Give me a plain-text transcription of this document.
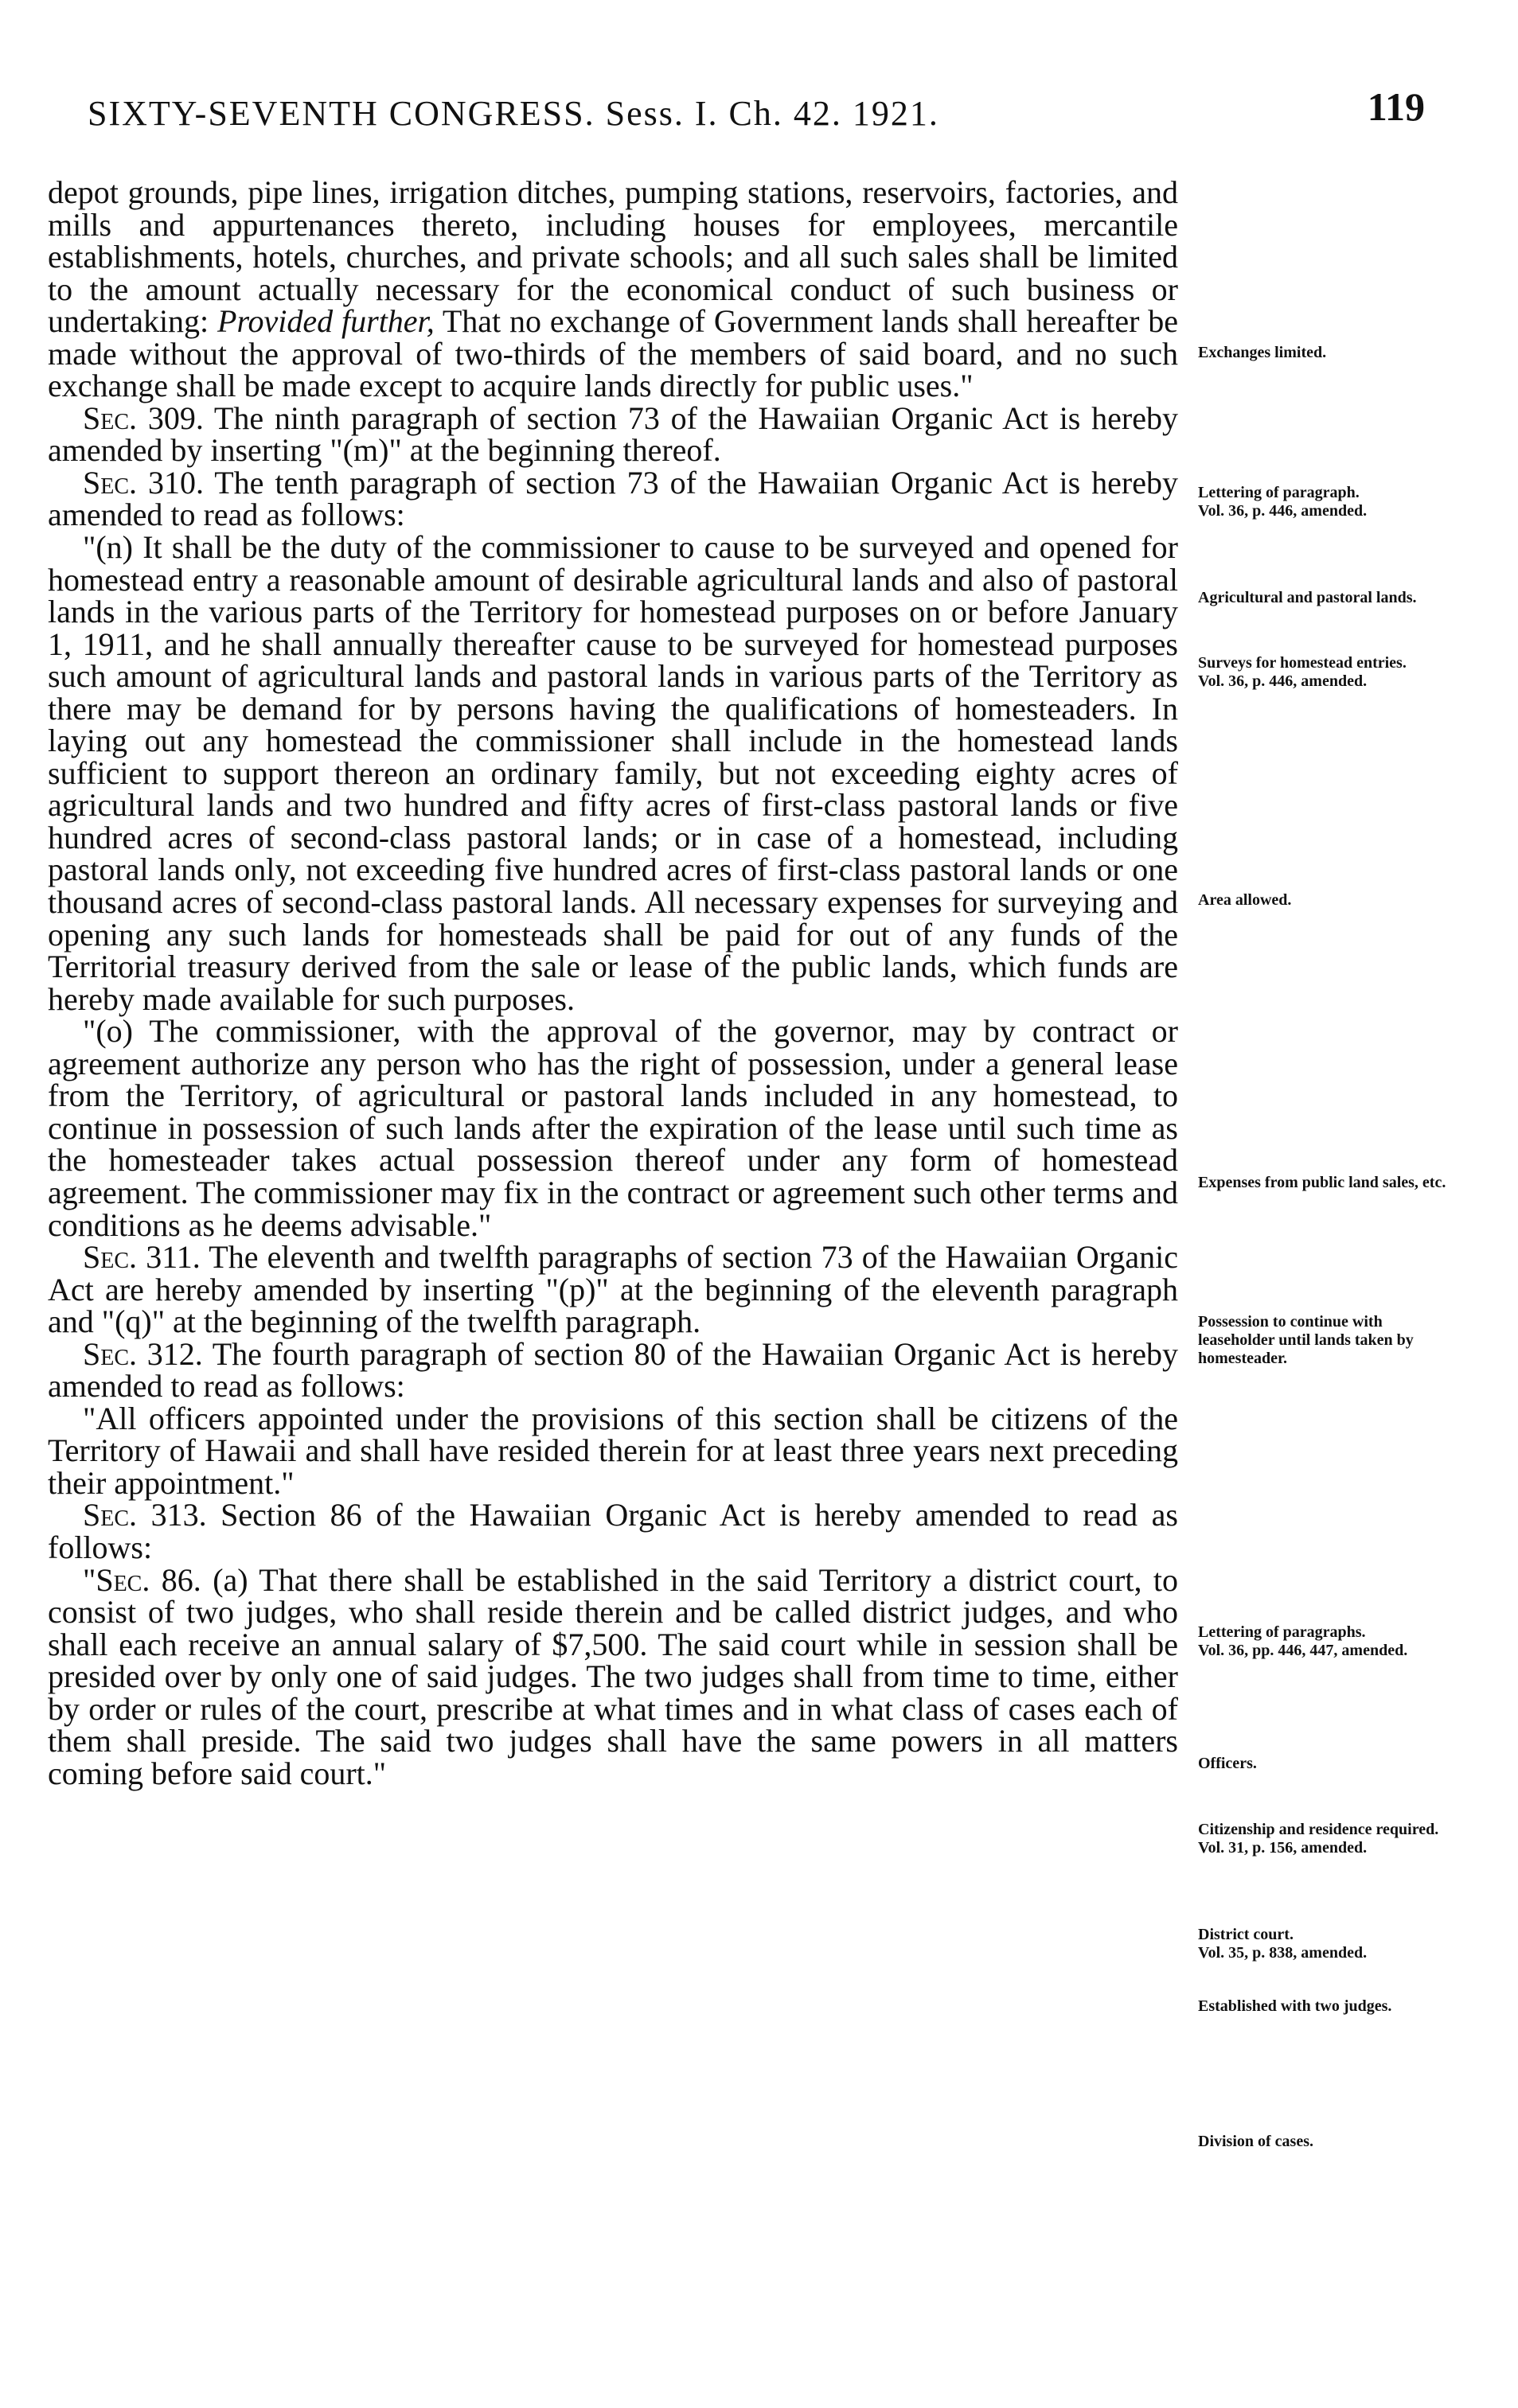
SIXTY-SEVENTH CONGRESS. Sess. I. Ch. 42. 1921.	119

depot grounds, pipe lines, irrigation ditches, pumping stations, reservoirs, factories, and mills and appurtenances thereto, including houses for employees, mercantile establishments, hotels, churches, and private schools; and all such sales shall be limited to the amount actually necessary for the economical conduct of such business or undertaking: Provided further, That no exchange of Government lands shall hereafter be made without the approval of two-thirds of the members of said board, and no such exchange shall be made except to acquire lands directly for public uses."

Sec. 309. The ninth paragraph of section 73 of the Hawaiian Organic Act is hereby amended by inserting "(m)" at the beginning thereof.

Sec. 310. The tenth paragraph of section 73 of the Hawaiian Organic Act is hereby amended to read as follows:

"(n) It shall be the duty of the commissioner to cause to be surveyed and opened for homestead entry a reasonable amount of desirable agricultural lands and also of pastoral lands in the various parts of the Territory for homestead purposes on or before January 1, 1911, and he shall annually thereafter cause to be surveyed for homestead purposes such amount of agricultural lands and pastoral lands in various parts of the Territory as there may be demand for by persons having the qualifications of homesteaders. In laying out any homestead the commissioner shall include in the homestead lands sufficient to support thereon an ordinary family, but not exceeding eighty acres of agricultural lands and two hundred and fifty acres of first-class pastoral lands or five hundred acres of second-class pastoral lands; or in case of a homestead, including pastoral lands only, not exceeding five hundred acres of first-class pastoral lands or one thousand acres of second-class pastoral lands. All necessary expenses for surveying and opening any such lands for homesteads shall be paid for out of any funds of the Territorial treasury derived from the sale or lease of the public lands, which funds are hereby made available for such purposes.

"(o) The commissioner, with the approval of the governor, may by contract or agreement authorize any person who has the right of possession, under a general lease from the Territory, of agricultural or pastoral lands included in any homestead, to continue in possession of such lands after the expiration of the lease until such time as the homesteader takes actual possession thereof under any form of homestead agreement. The commissioner may fix in the contract or agreement such other terms and conditions as he deems advisable."

Sec. 311. The eleventh and twelfth paragraphs of section 73 of the Hawaiian Organic Act are hereby amended by inserting "(p)" at the beginning of the eleventh paragraph and "(q)" at the beginning of the twelfth paragraph.

Sec. 312. The fourth paragraph of section 80 of the Hawaiian Organic Act is hereby amended to read as follows:

"All officers appointed under the provisions of this section shall be citizens of the Territory of Hawaii and shall have resided therein for at least three years next preceding their appointment."

Sec. 313. Section 86 of the Hawaiian Organic Act is hereby amended to read as follows:

"Sec. 86. (a) That there shall be established in the said Territory a district court, to consist of two judges, who shall reside therein and be called district judges, and who shall each receive an annual salary of $7,500. The said court while in session shall be presided over by only one of said judges. The two judges shall from time to time, either by order or rules of the court, prescribe at what times and in what class of cases each of them shall preside. The said two judges shall have the same powers in all matters coming before said court."

Exchanges limited.
Lettering of paragraph.
Vol. 36, p. 446, amended.
Agricultural and pastoral lands.
Surveys for homestead entries.
Vol. 36, p. 446, amended.
Area allowed.
Expenses from public land sales, etc.
Possession to continue with leaseholder until lands taken by homesteader.
Lettering of paragraphs.
Vol. 36, pp. 446, 447, amended.
Officers.
Citizenship and residence required.
Vol. 31, p. 156, amended.
District court.
Vol. 35, p. 838, amended.
Established with two judges.
Division of cases.
